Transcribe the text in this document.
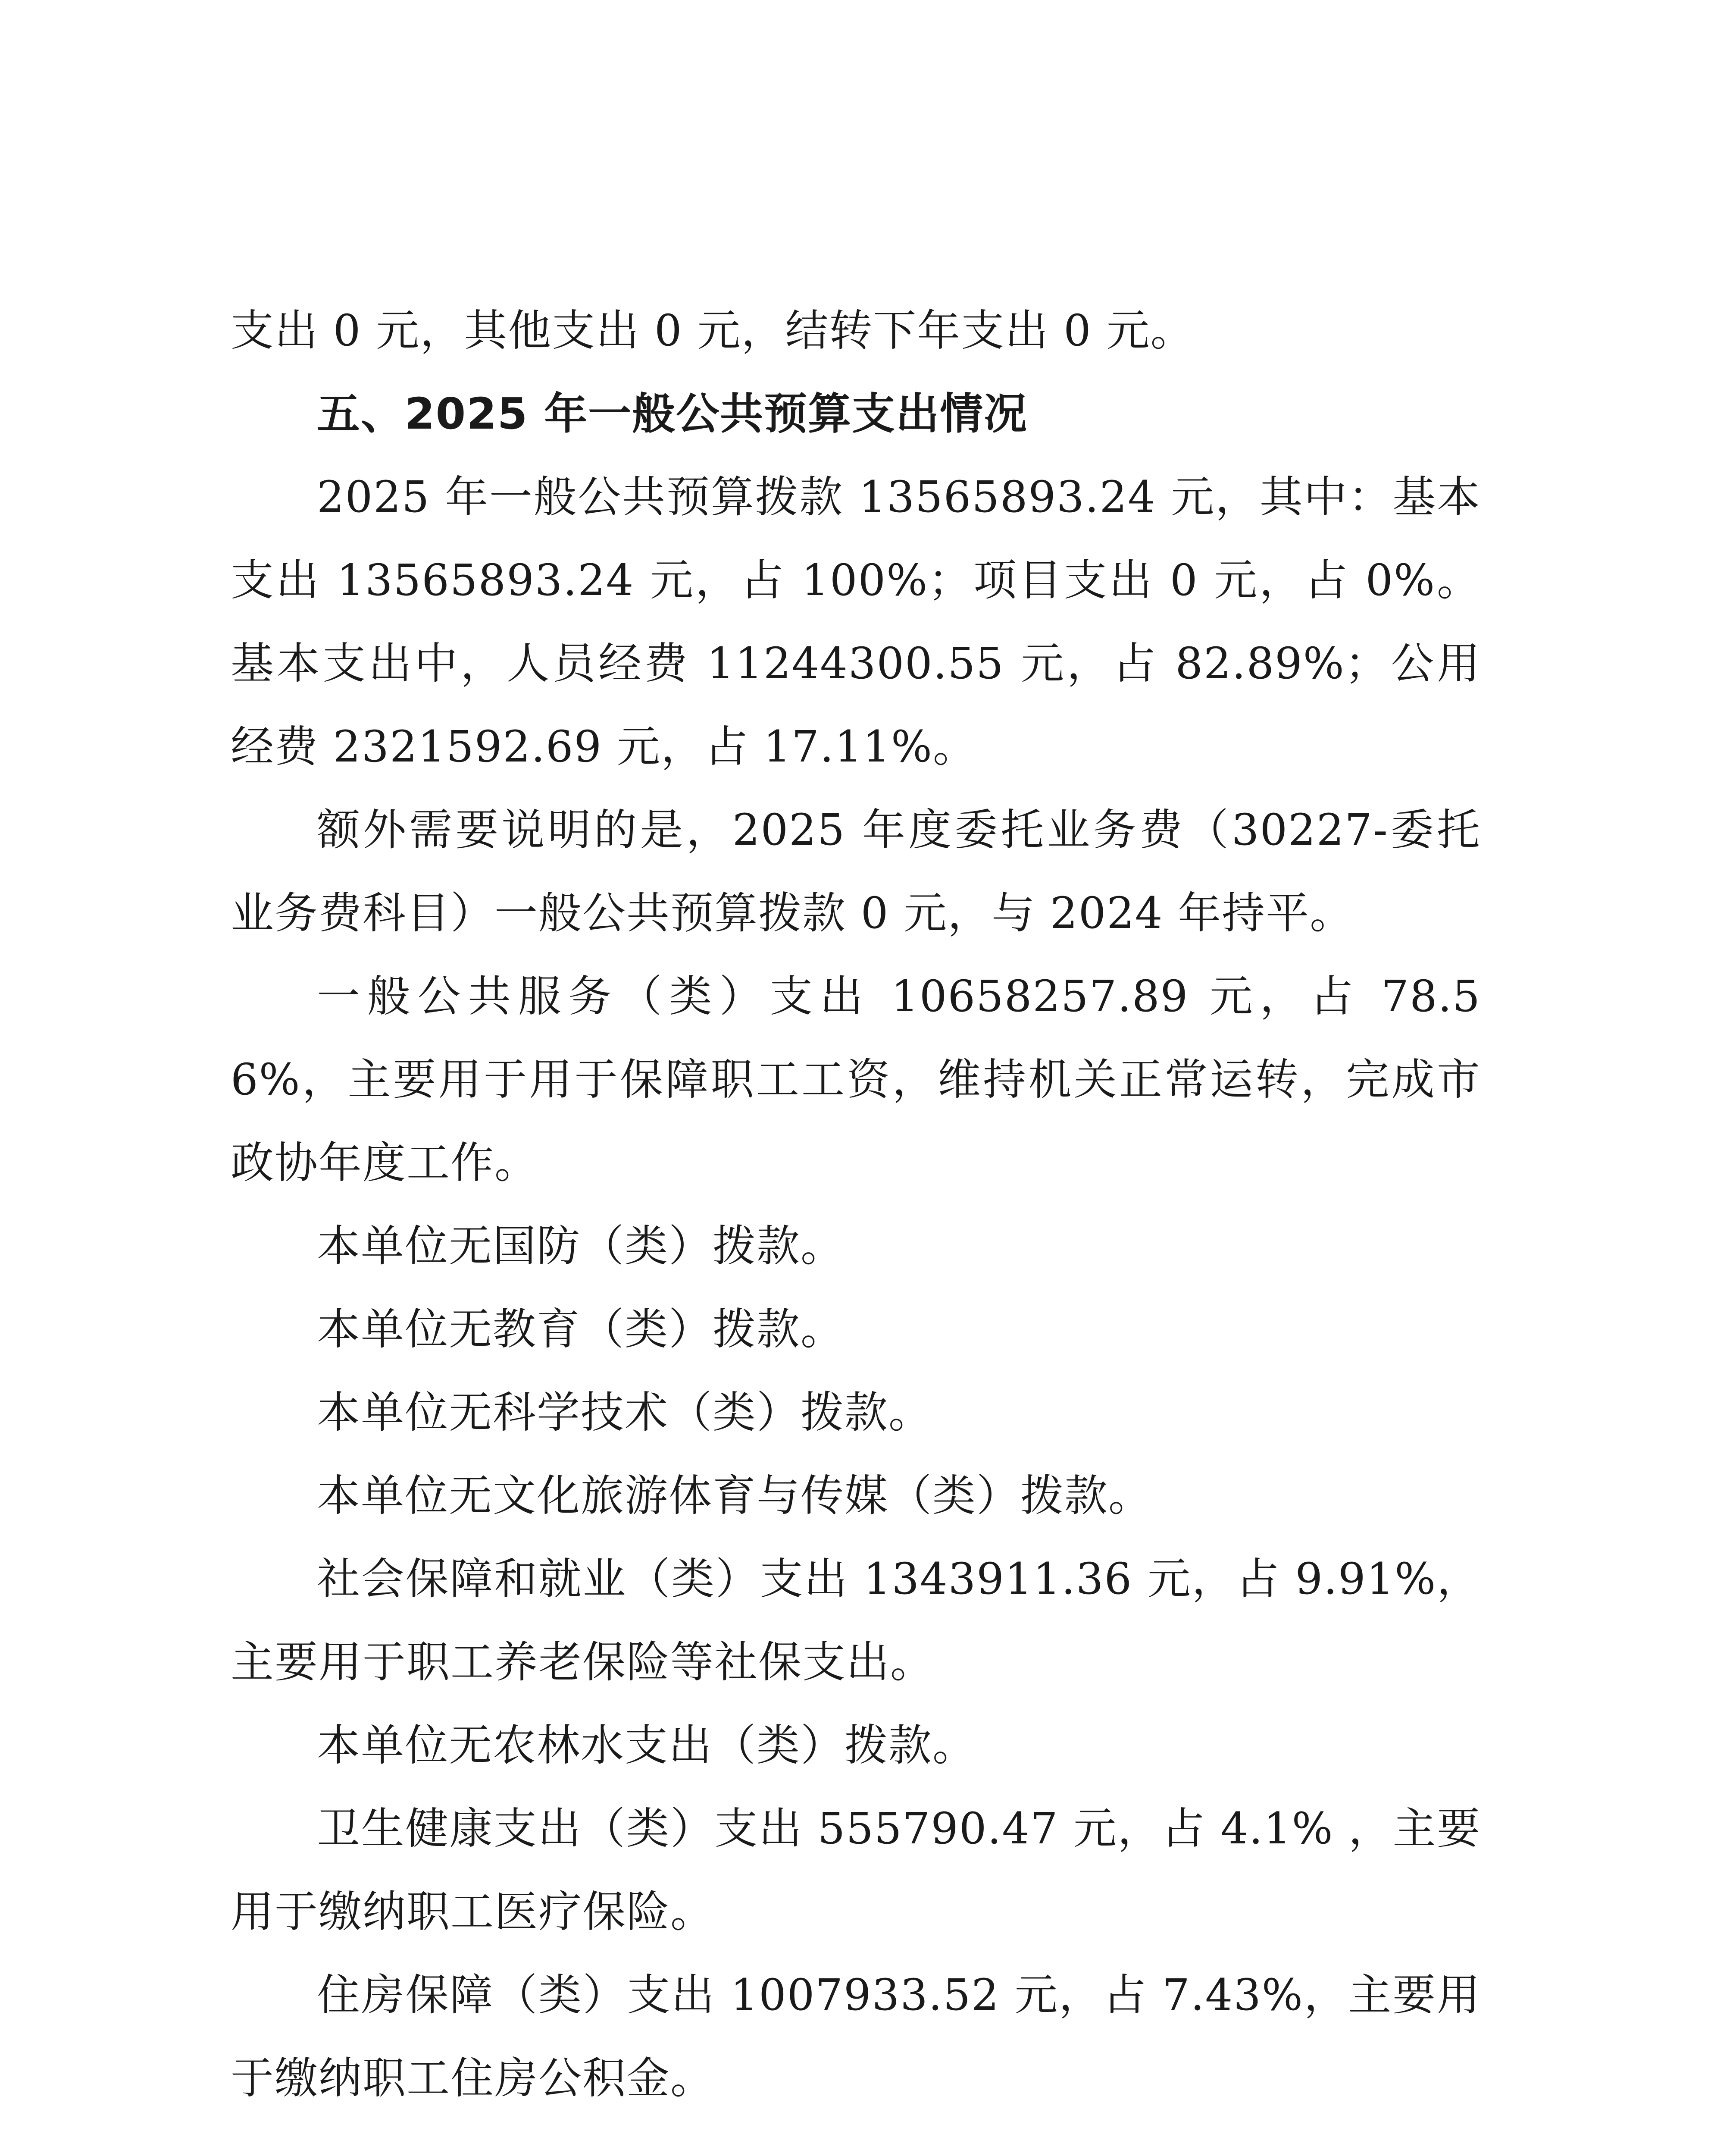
支出 0 元，其他支出 0 元，结转下年支出 0 元。

五、2025 年一般公共预算支出情况

2025 年一般公共预算拨款 13565893.24 元，其中：基本支出 13565893.24 元，占 100%；项目支出 0 元，占 0%。基本支出中，人员经费 11244300.55 元，占 82.89%；公用经费 2321592.69 元，占 17.11%。

额外需要说明的是，2025 年度委托业务费（30227-委托业务费科目）一般公共预算拨款 0 元，与 2024 年持平。

一般公共服务（类）支出 10658257.89 元，占 78.56%，主要用于用于保障职工工资，维持机关正常运转，完成市政协年度工作。

本单位无国防（类）拨款。

本单位无教育（类）拨款。

本单位无科学技术（类）拨款。

本单位无文化旅游体育与传媒（类）拨款。

社会保障和就业（类）支出 1343911.36 元，占 9.91%，主要用于职工养老保险等社保支出。

本单位无农林水支出（类）拨款。

卫生健康支出（类）支出 555790.47 元，占 4.1% ，主要用于缴纳职工医疗保险。

住房保障（类）支出 1007933.52 元，占 7.43%，主要用于缴纳职工住房公积金。
